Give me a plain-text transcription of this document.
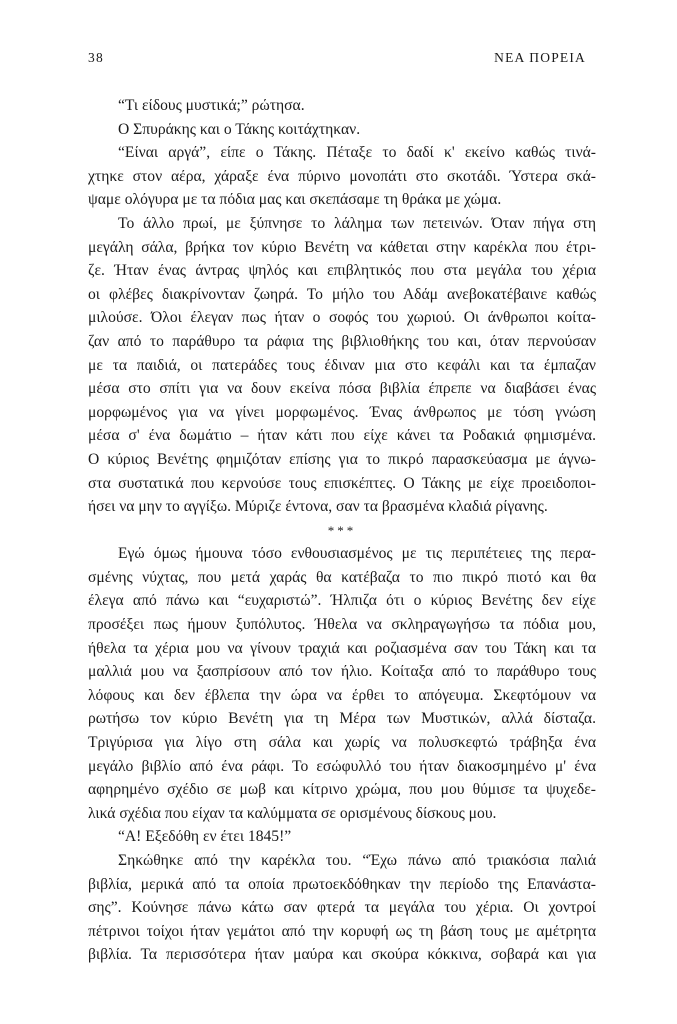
38	ΝΕΑ ΠΟΡΕΙΑ
“Τι είδους μυστικά;” ρώτησα.
Ο Σπυράκης και ο Τάκης κοιτάχτηκαν.
“Είναι αργά”, είπε ο Τάκης. Πέταξε το δαδί κ' εκείνο καθώς τινά-
χτηκε στον αέρα, χάραξε ένα πύρινο μονοπάτι στο σκοτάδι. Ύστερα σκά-
ψαμε ολόγυρα με τα πόδια μας και σκεπάσαμε τη θράκα με χώμα.
Το άλλο πρωί, με ξύπνησε το λάλημα των πετεινών. Όταν πήγα στη
μεγάλη σάλα, βρήκα τον κύριο Βενέτη να κάθεται στην καρέκλα που έτρι-
ζε. Ήταν ένας άντρας ψηλός και επιβλητικός που στα μεγάλα του χέρια
οι φλέβες διακρίνονταν ζωηρά. Το μήλο του Αδάμ ανεβοκατέβαινε καθώς
μιλούσε. Όλοι έλεγαν πως ήταν ο σοφός του χωριού. Οι άνθρωποι κοίτα-
ζαν από το παράθυρο τα ράφια της βιβλιοθήκης του και, όταν περνούσαν
με τα παιδιά, οι πατεράδες τους έδιναν μια στο κεφάλι και τα έμπαζαν
μέσα στο σπίτι για να δουν εκείνα πόσα βιβλία έπρεπε να διαβάσει ένας
μορφωμένος για να γίνει μορφωμένος. Ένας άνθρωπος με τόση γνώση
μέσα σ' ένα δωμάτιο – ήταν κάτι που είχε κάνει τα Ροδακιά φημισμένα.
Ο κύριος Βενέτης φημιζόταν επίσης για το πικρό παρασκεύασμα με άγνω-
στα συστατικά που κερνούσε τους επισκέπτες. Ο Τάκης με είχε προειδοποι-
ήσει να μην το αγγίξω. Μύριζε έντονα, σαν τα βρασμένα κλαδιά ρίγανης.
***
Εγώ όμως ήμουνα τόσο ενθουσιασμένος με τις περιπέτειες της περα-
σμένης νύχτας, που μετά χαράς θα κατέβαζα το πιο πικρό πιοτό και θα
έλεγα από πάνω και “ευχαριστώ”. Ήλπιζα ότι ο κύριος Βενέτης δεν είχε
προσέξει πως ήμουν ξυπόλυτος. Ήθελα να σκληραγωγήσω τα πόδια μου,
ήθελα τα χέρια μου να γίνουν τραχιά και ροζιασμένα σαν του Τάκη και τα
μαλλιά μου να ξασπρίσουν από τον ήλιο. Κοίταξα από το παράθυρο τους
λόφους και δεν έβλεπα την ώρα να έρθει το απόγευμα. Σκεφτόμουν να
ρωτήσω τον κύριο Βενέτη για τη Μέρα των Μυστικών, αλλά δίσταζα.
Τριγύρισα για λίγο στη σάλα και χωρίς να πολυσκεφτώ τράβηξα ένα
μεγάλο βιβλίο από ένα ράφι. Το εσώφυλλό του ήταν διακοσμημένο μ' ένα
αφηρημένο σχέδιο σε μωβ και κίτρινο χρώμα, που μου θύμισε τα ψυχεδε-
λικά σχέδια που είχαν τα καλύμματα σε ορισμένους δίσκους μου.
“Α! Εξεδόθη εν έτει 1845!”
Σηκώθηκε από την καρέκλα του. “Έχω πάνω από τριακόσια παλιά
βιβλία, μερικά από τα οποία πρωτοεκδόθηκαν την περίοδο της Επανάστα-
σης”. Κούνησε πάνω κάτω σαν φτερά τα μεγάλα του χέρια. Οι χοντροί
πέτρινοι τοίχοι ήταν γεμάτοι από την κορυφή ως τη βάση τους με αμέτρητα
βιβλία. Τα περισσότερα ήταν μαύρα και σκούρα κόκκινα, σοβαρά και για
